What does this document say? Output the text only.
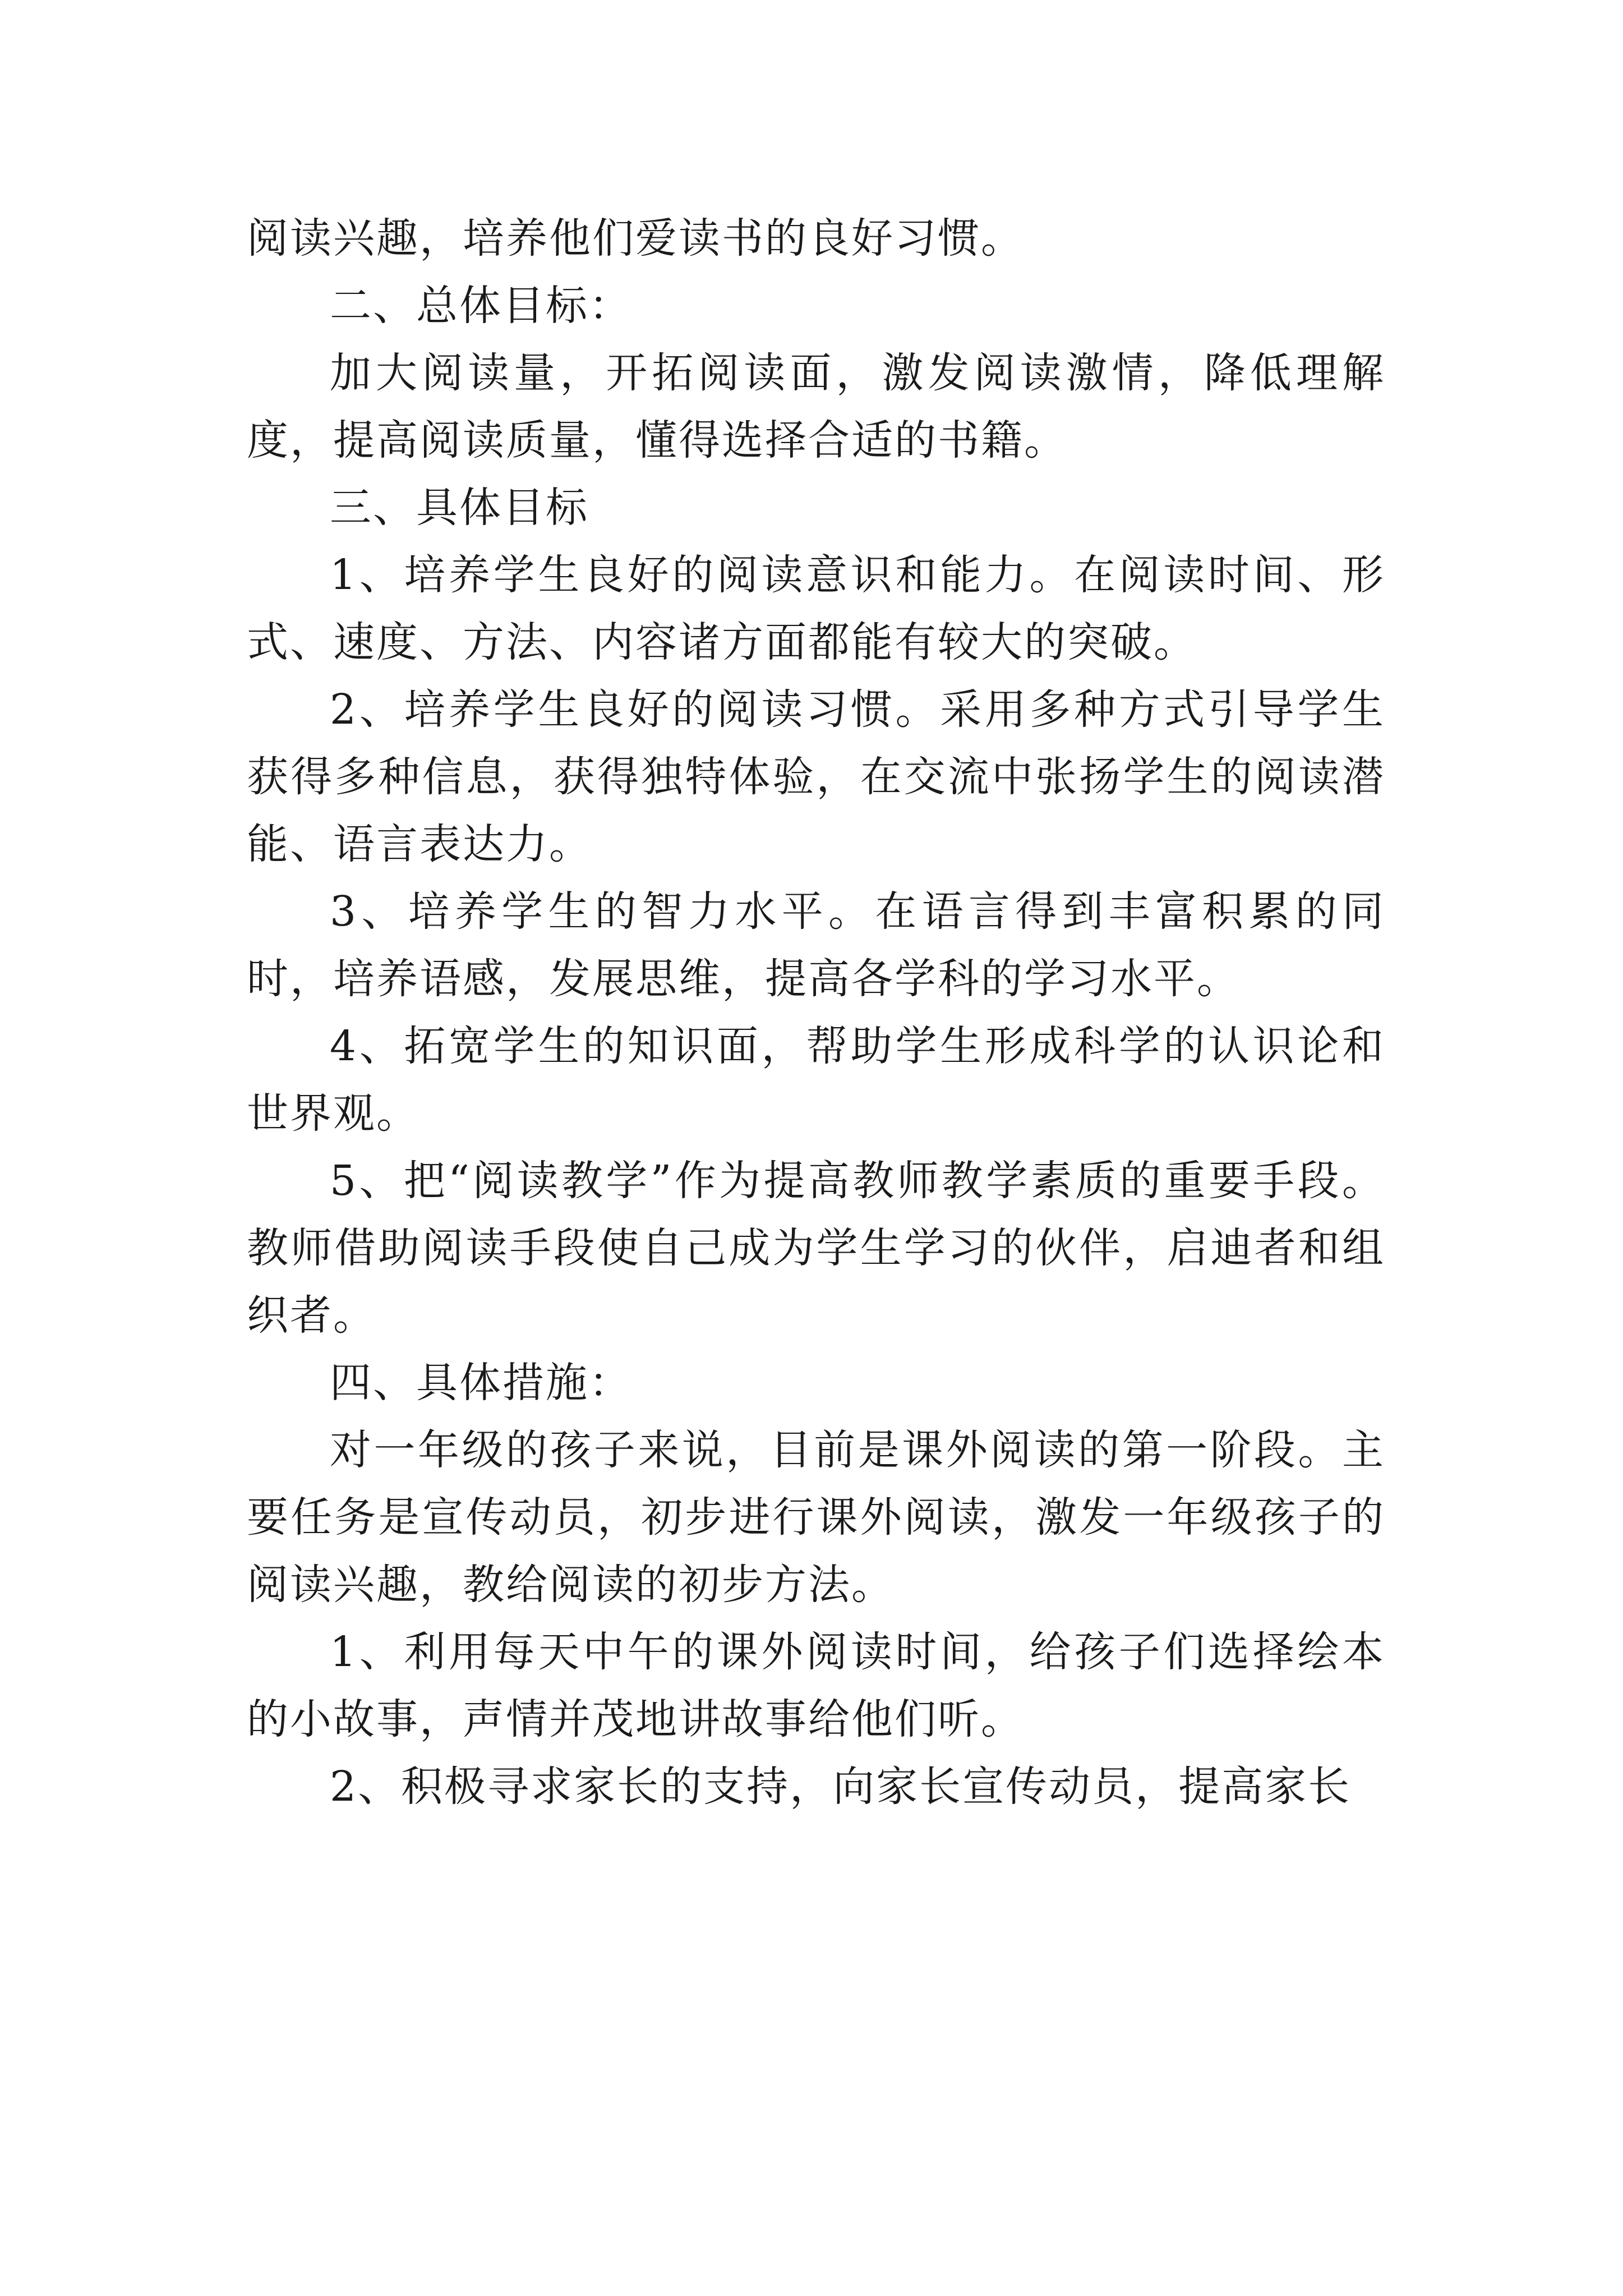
阅读兴趣，培养他们爱读书的良好习惯。

二、总体目标：

加大阅读量，开拓阅读面，激发阅读激情，降低理解度，提高阅读质量，懂得选择合适的书籍。

三、具体目标

1、培养学生良好的阅读意识和能力。在阅读时间、形式、速度、方法、内容诸方面都能有较大的突破。

2、培养学生良好的阅读习惯。采用多种方式引导学生获得多种信息，获得独特体验，在交流中张扬学生的阅读潜能、语言表达力。

3、培养学生的智力水平。在语言得到丰富积累的同时，培养语感，发展思维，提高各学科的学习水平。

4、拓宽学生的知识面，帮助学生形成科学的认识论和世界观。

5、把“阅读教学”作为提高教师教学素质的重要手段。教师借助阅读手段使自己成为学生学习的伙伴，启迪者和组织者。

四、具体措施：

对一年级的孩子来说，目前是课外阅读的第一阶段。主要任务是宣传动员，初步进行课外阅读，激发一年级孩子的阅读兴趣，教给阅读的初步方法。

1、利用每天中午的课外阅读时间，给孩子们选择绘本的小故事，声情并茂地讲故事给他们听。

2、积极寻求家长的支持，向家长宣传动员，提高家长
